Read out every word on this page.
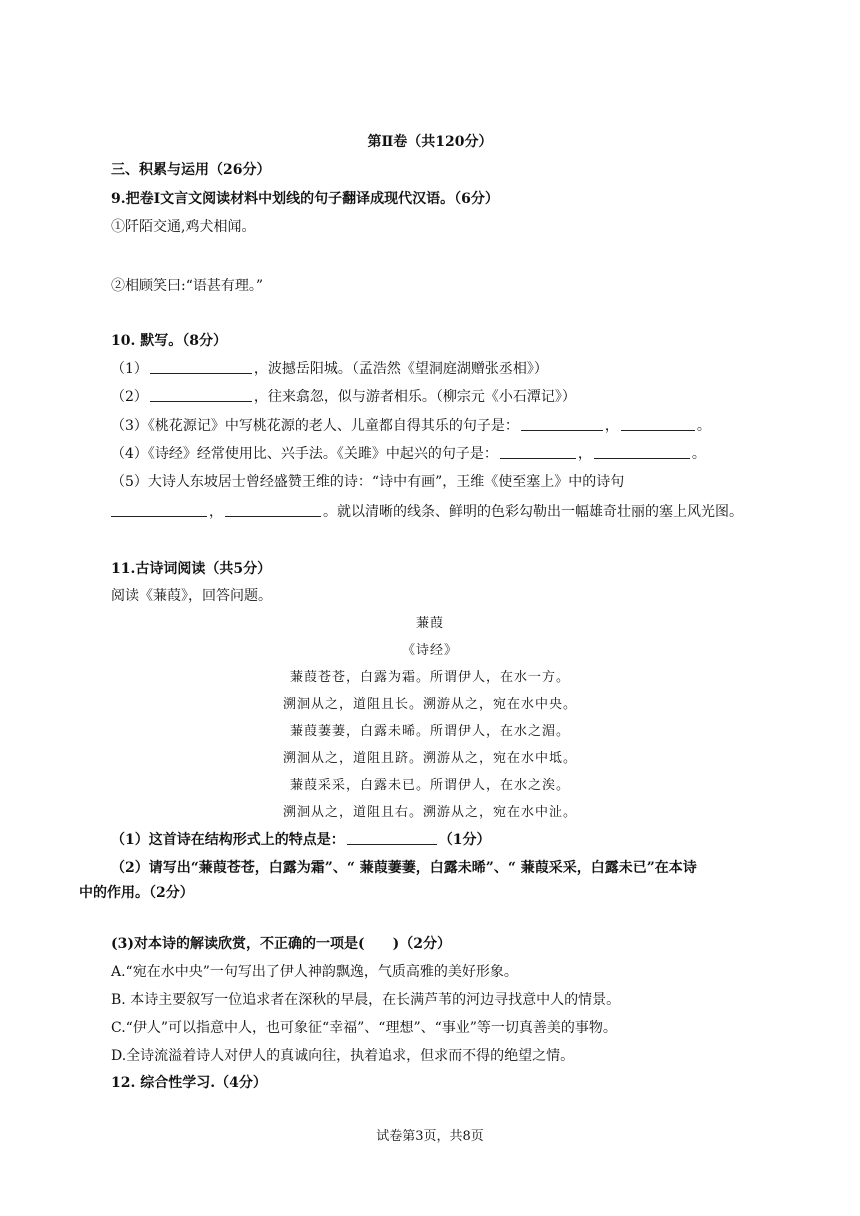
第Ⅱ卷（共120分）
三、积累与运用（26分）
9.把卷Ⅰ文言文阅读材料中划线的句子翻译成现代汉语。（6分）
①阡陌交通,鸡犬相闻。
②相顾笑曰:“语甚有理。”
10. 默写。（8分）
（1）	，波撼岳阳城。（孟浩然《望洞庭湖赠张丞相》）
（2）	，往来翕忽，似与游者相乐。（柳宗元《小石潭记》）
（3）《桃花源记》中写桃花源的老人、儿童都自得其乐的句子是：	，	。
（4）《诗经》经常使用比、兴手法。《关雎》中起兴的句子是：	，	。
（5）大诗人东坡居士曾经盛赞王维的诗：“诗中有画”，王维《使至塞上》中的诗句
，	。就以清晰的线条、鲜明的色彩勾勒出一幅雄奇壮丽的塞上风光图。
11.古诗词阅读（共5分）
阅读《蒹葭》，回答问题。
蒹葭
《诗经》
蒹葭苍苍，白露为霜。所谓伊人，在水一方。
溯洄从之，道阻且长。溯游从之，宛在水中央。
蒹葭萋萋，白露未晞。所谓伊人，在水之湄。
溯洄从之，道阻且跻。溯游从之，宛在水中坻。
蒹葭采采，白露未已。所谓伊人，在水之涘。
溯洄从之，道阻且右。溯游从之，宛在水中沚。
（1）这首诗在结构形式上的特点是：	（1分）
（2）请写出“蒹葭苍苍，白露为霜”、“ 蒹葭萋萋，白露未晞”、“ 蒹葭采采，白露未已”在本诗
中的作用。（2分）
(3)对本诗的解读欣赏，不正确的一项是(　　)（2分）
A.“宛在水中央”一句写出了伊人神韵飘逸，气质高雅的美好形象。
B. 本诗主要叙写一位追求者在深秋的早晨，在长满芦苇的河边寻找意中人的情景。
C.“伊人”可以指意中人，也可象征“幸福”、“理想”、“事业”等一切真善美的事物。
D.全诗流溢着诗人对伊人的真诚向往，执着追求，但求而不得的绝望之情。
12. 综合性学习.（4分）
试卷第3页，共8页
